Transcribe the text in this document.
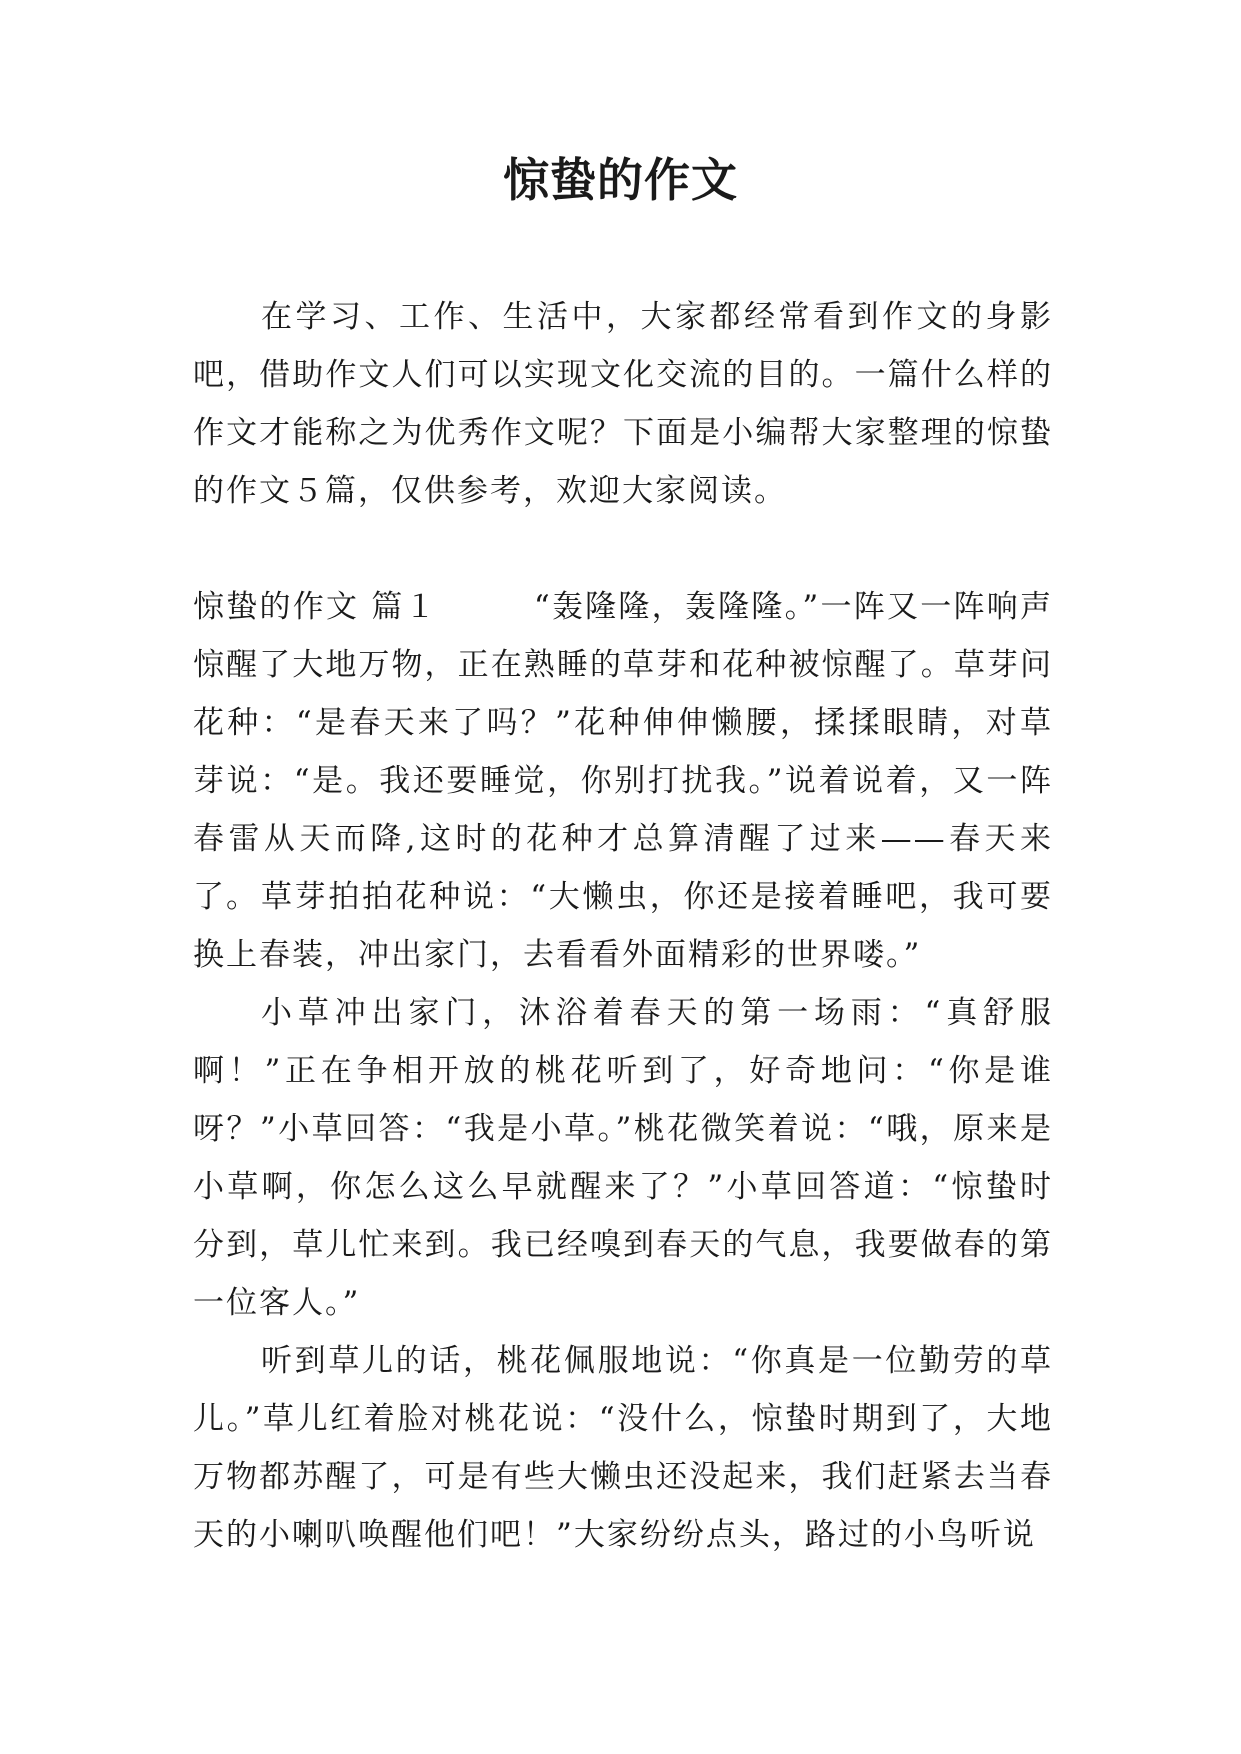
惊蛰的作文

在学习、工作、生活中，大家都经常看到作文的身影吧，借助作文人们可以实现文化交流的目的。一篇什么样的作文才能称之为优秀作文呢？下面是小编帮大家整理的惊蛰的作文５篇，仅供参考，欢迎大家阅读。

惊蛰的作文 篇１	“轰隆隆，轰隆隆。”一阵又一阵响声惊醒了大地万物，正在熟睡的草芽和花种被惊醒了。草芽问花种：“是春天来了吗？”花种伸伸懒腰，揉揉眼睛，对草芽说：“是。我还要睡觉，你别打扰我。”说着说着，又一阵春雷从天而降,这时的花种才总算清醒了过来——春天来了。 草芽拍拍花种说：“大懒虫，你还是接着睡吧，我可要换上春装，冲出家门，去看看外面精彩的世界喽。”

小草冲出家门，沐浴着春天的第一场雨：“真舒服啊！”正在争相开放的桃花听到了，好奇地问：“你是谁呀？”小草回答：“我是小草。”桃花微笑着说：“哦，原来是小草啊，你怎么这么早就醒来了？”小草回答道：“惊蛰时分到，草儿忙来到。我已经嗅到春天的气息，我要做春的第一位客人。”

听到草儿的话，桃花佩服地说：“你真是一位勤劳的草儿。”草儿红着脸对桃花说：“没什么，惊蛰时期到了，大地万物都苏醒了，可是有些大懒虫还没起来，我们赶紧去当春天的小喇叭唤醒他们吧！”大家纷纷点头，路过的小鸟听说
